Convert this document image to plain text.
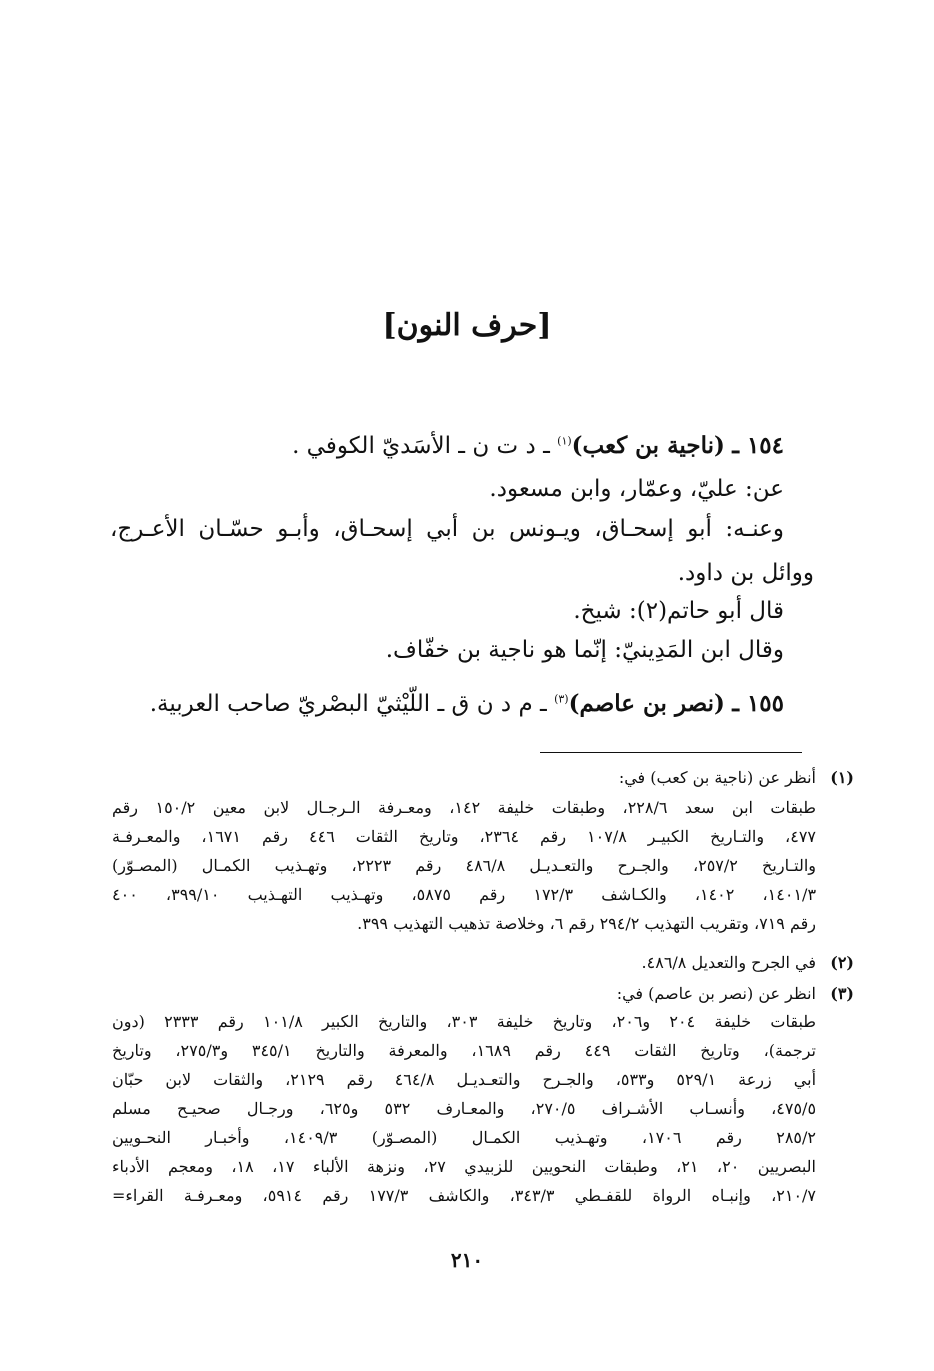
[حرف النون]
١٥٤ ـ (ناجية بن كعب)$^{(١)}$ ـ د ت ن ـ الأسَديّ الكوفي .
عن: عليّ، وعمّار، وابن مسعود.
وعنـه: أبو إسحـاق، ويـونس بن أبي إسحـاق، وأبـو حسّـان الأعـرج،
ووائل بن داود.
قال أبو حاتم(٢): شيخ.
وقال ابن المَدِينيّ: إنّما هو ناجية بن خفّاف.
١٥٥ ـ (نصر بن عاصم)$^{(٣)}$ ـ م د ن ق ـ اللّيْثيّ البصْريّ صاحب العربية.
(١)
أنظر عن (ناجية بن كعب) في:
طبقات ابن سعد ٢٢٨/٦، وطبقات خليفة ١٤٢، ومعـرفة الـرجـال لابن معين ١٥٠/٢ رقم
٤٧٧، والتـاريخ الكبيـر ١٠٧/٨ رقم ٢٣٦٤، وتاريخ الثقات ٤٤٦ رقم ١٦٧١، والمعـرفـة
والتـاريخ ٢٥٧/٢، والجـرح والتعـديـل ٤٨٦/٨ رقم ٢٢٢٣، وتهـذيب الكمـال (المصـوّر)
١٤٠١/٣، ١٤٠٢، والكـاشف ١٧٢/٣ رقم ٥٨٧٥، وتهـذيب التهـذيب ٣٩٩/١٠، ٤٠٠
رقم ٧١٩، وتقريب التهذيب ٢٩٤/٢ رقم ٦، وخلاصة تذهيب التهذيب ٣٩٩.
(٢)
في الجرح والتعديل ٤٨٦/٨.
(٣)
انظر عن (نصر بن عاصم) في:
طبقات خليفة ٢٠٤ و٢٠٦، وتاريخ خليفة ٣٠٣، والتاريخ الكبير ١٠١/٨ رقم ٢٣٣٣ (دون
ترجمة)، وتاريخ الثقات ٤٤٩ رقم ١٦٨٩، والمعرفة والتاريخ ٣٤٥/١ و٢٧٥/٣، وتاريخ
أبي زرعة ٥٢٩/١ و٥٣٣، والجـرح والتعـديـل ٤٦٤/٨ رقم ٢١٢٩، والثقات لابن حبّان
٤٧٥/٥، وأنسـاب الأشـراف ٢٧٠/٥، والمعـارف ٥٣٢ و٦٢٥، ورجـال صحيـح مسلم
٢٨٥/٢ رقم ١٧٠٦، وتهـذيب الكمـال (المصـوّر) ١٤٠٩/٣، وأخبـار النحـويين
البصريين ٢٠، ٢١، وطبقات النحويين للزبيدي ٢٧، ونزهة الألباء ١٧، ١٨، ومعجم الأدباء
٢١٠/٧، وإنبـاه الرواة للقفـطي ٣٤٣/٣، والكاشف ١٧٧/٣ رقم ٥٩١٤، ومعـرفـة القراء=
٢١٠
